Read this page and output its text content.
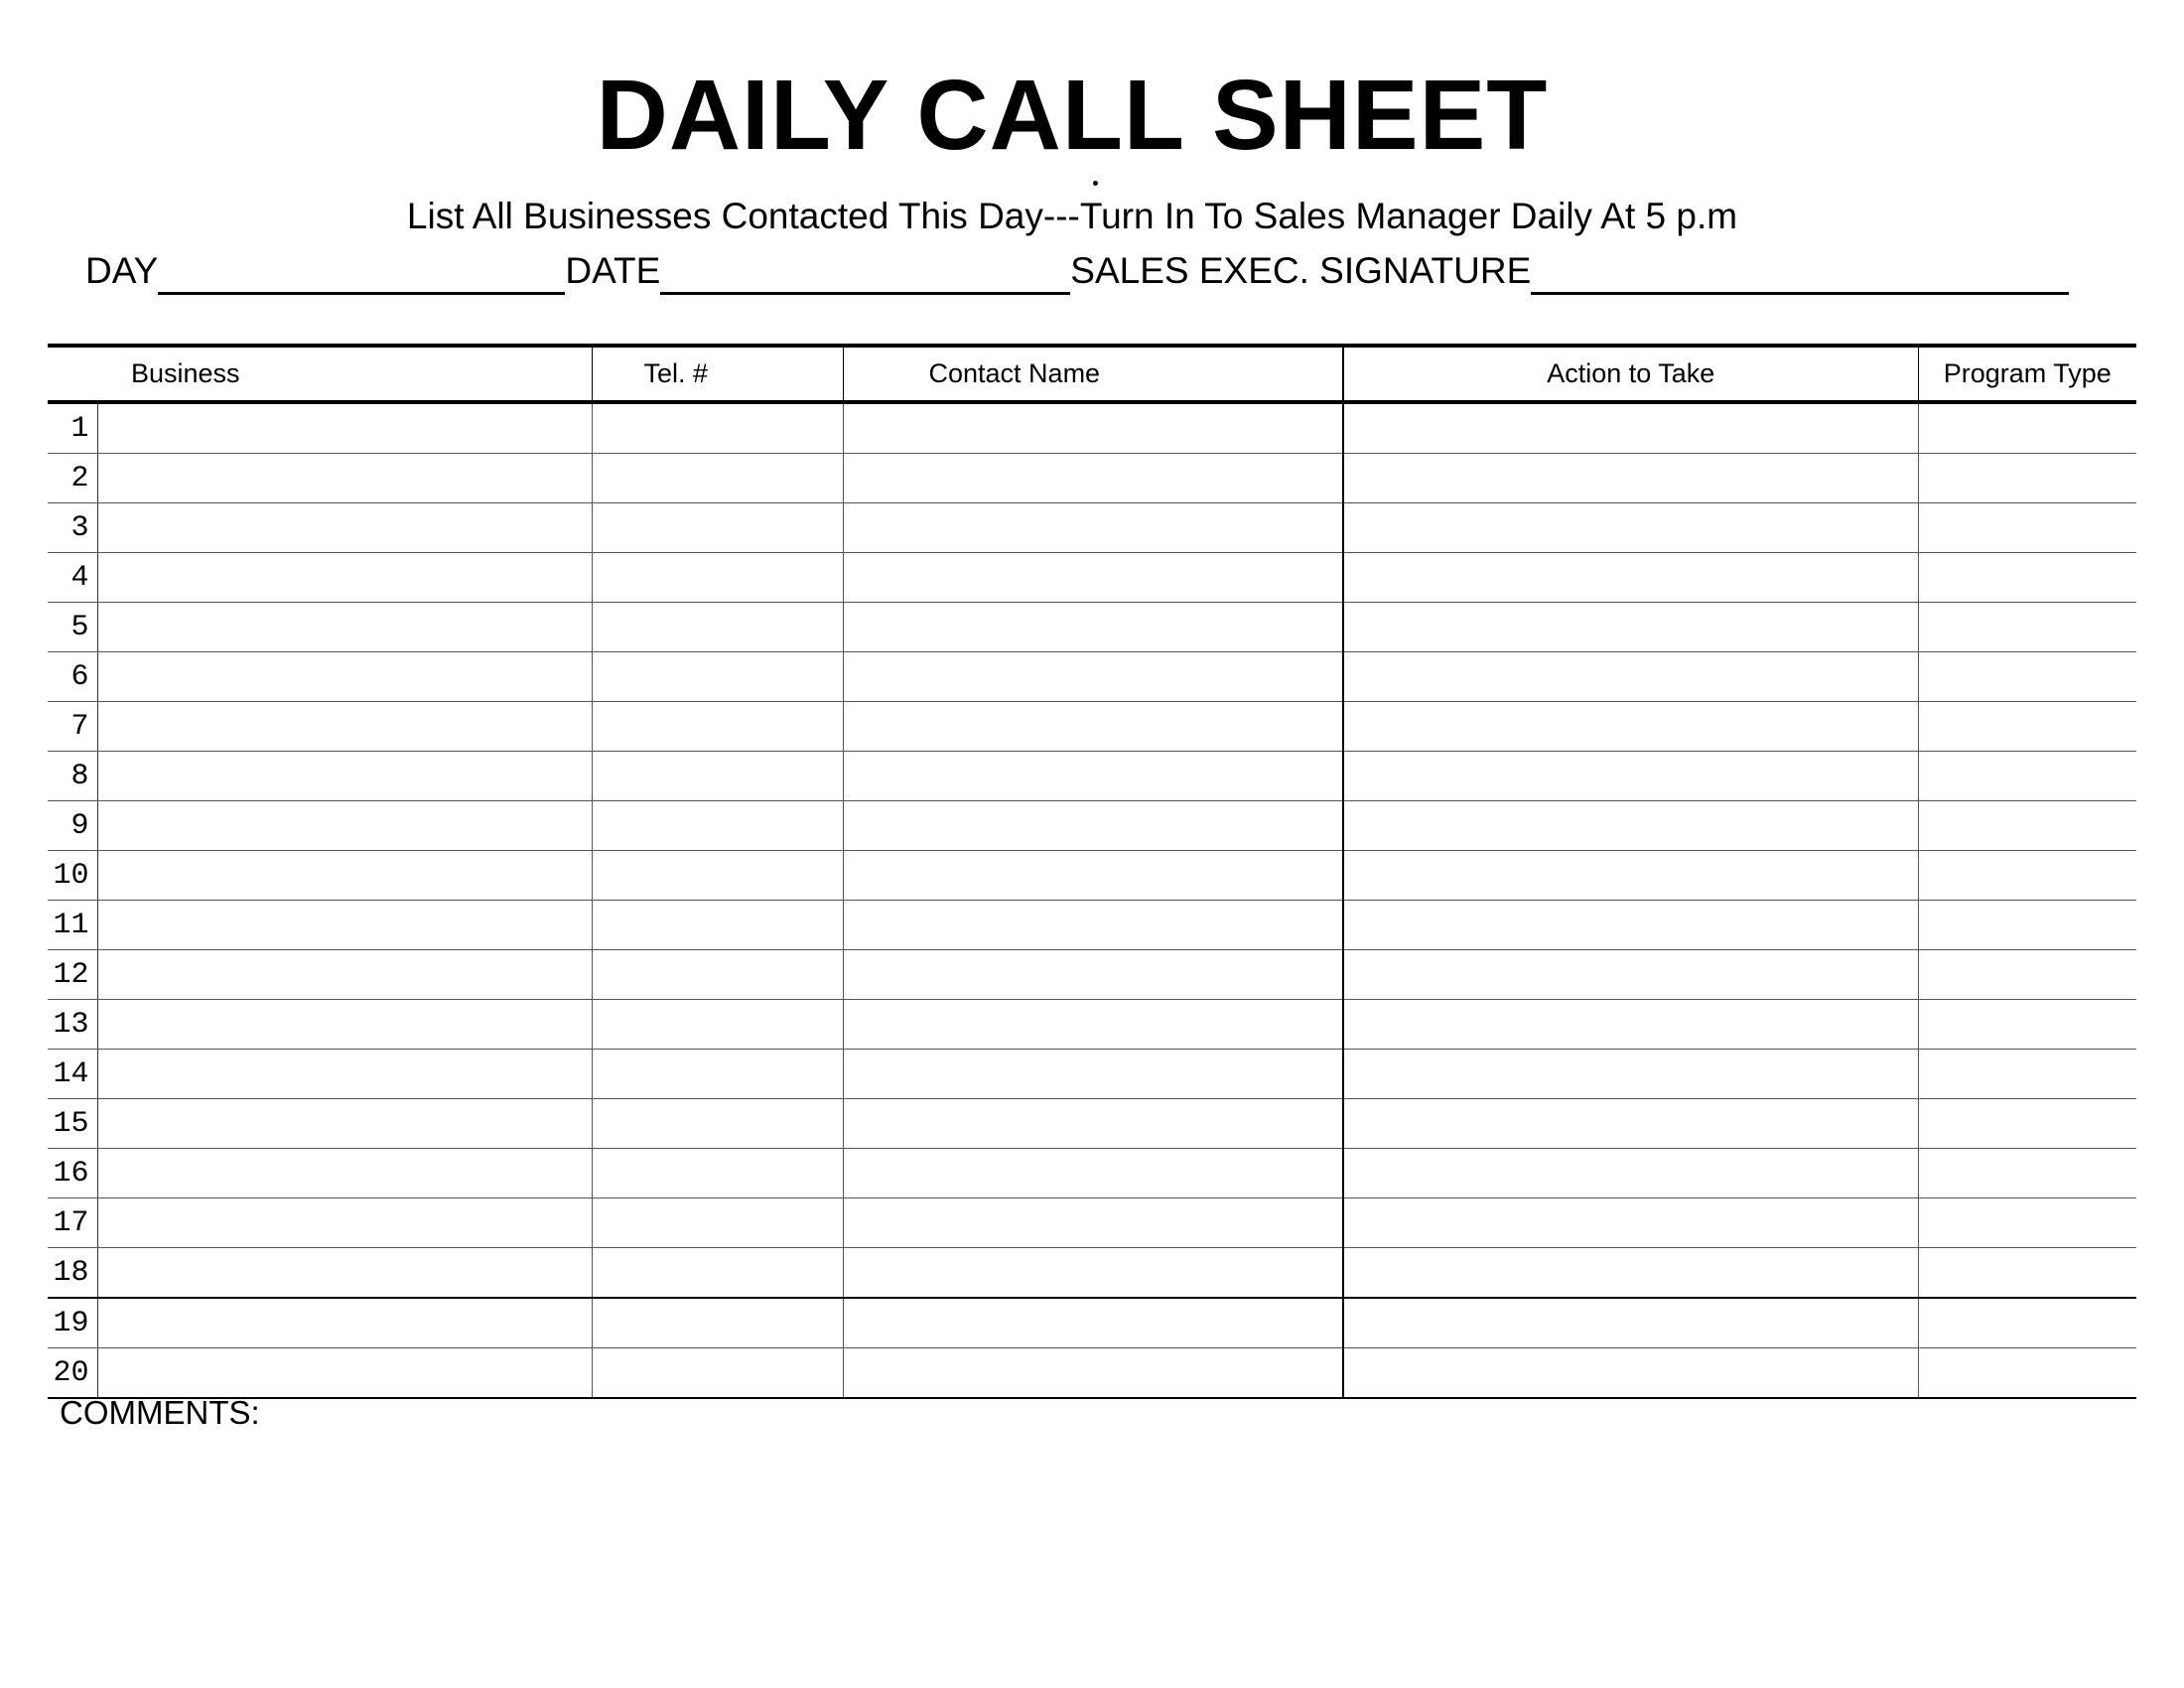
DAILY CALL SHEET
List All Businesses Contacted This Day---Turn In To Sales Manager Daily At 5 p.m
DAY	DATE	SALES EXEC. SIGNATURE
Business		Tel. #	Contact Name	Action to Take	Program Type
1					
2					
3					
4					
5					
6					
7					
8					
9					
10					
11					
12					
13					
14					
15					
16					
17					
18					
19					
20					
COMMENTS:
